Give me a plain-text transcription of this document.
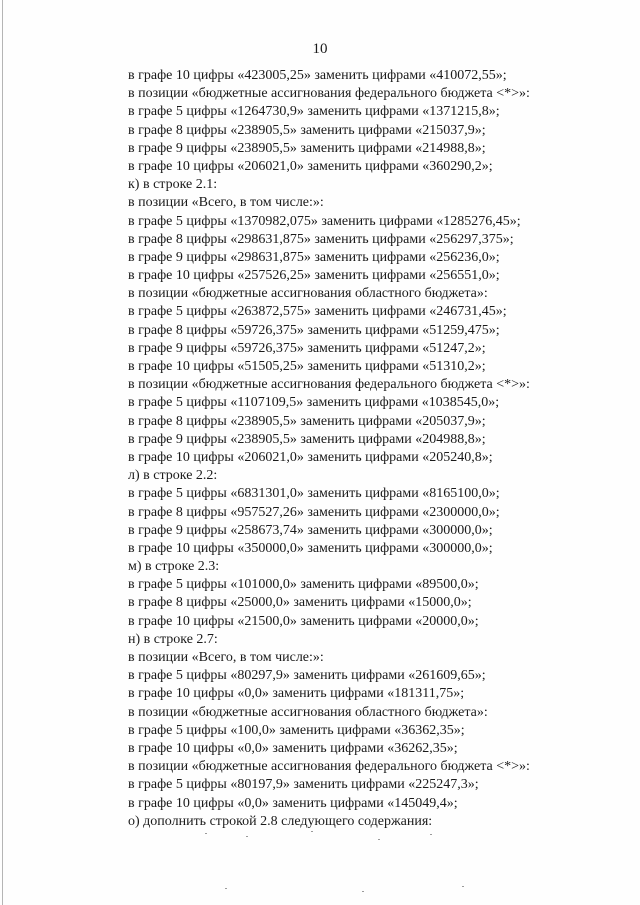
10
в графе 10 цифры «423005,25» заменить цифрами «410072,55»;
в позиции «бюджетные ассигнования федерального бюджета <*>»:
в графе 5 цифры «1264730,9» заменить цифрами «1371215,8»;
в графе 8 цифры «238905,5» заменить цифрами «215037,9»;
в графе 9 цифры «238905,5» заменить цифрами «214988,8»;
в графе 10 цифры «206021,0» заменить цифрами «360290,2»;
к) в строке 2.1:
в позиции «Всего, в том числе:»:
в графе 5 цифры «1370982,075» заменить цифрами «1285276,45»;
в графе 8 цифры «298631,875» заменить цифрами «256297,375»;
в графе 9 цифры «298631,875» заменить цифрами «256236,0»;
в графе 10 цифры «257526,25» заменить цифрами «256551,0»;
в позиции «бюджетные ассигнования областного бюджета»:
в графе 5 цифры «263872,575» заменить цифрами «246731,45»;
в графе 8 цифры «59726,375» заменить цифрами «51259,475»;
в графе 9 цифры «59726,375» заменить цифрами «51247,2»;
в графе 10 цифры «51505,25» заменить цифрами «51310,2»;
в позиции «бюджетные ассигнования федерального бюджета <*>»:
в графе 5 цифры «1107109,5» заменить цифрами «1038545,0»;
в графе 8 цифры «238905,5» заменить цифрами «205037,9»;
в графе 9 цифры «238905,5» заменить цифрами «204988,8»;
в графе 10 цифры «206021,0» заменить цифрами «205240,8»;
л) в строке 2.2:
в графе 5 цифры «6831301,0» заменить цифрами «8165100,0»;
в графе 8 цифры «957527,26» заменить цифрами «2300000,0»;
в графе 9 цифры «258673,74» заменить цифрами «300000,0»;
в графе 10 цифры «350000,0» заменить цифрами «300000,0»;
м) в строке 2.3:
в графе 5 цифры «101000,0» заменить цифрами «89500,0»;
в графе 8 цифры «25000,0» заменить цифрами «15000,0»;
в графе 10 цифры «21500,0» заменить цифрами «20000,0»;
н) в строке 2.7:
в позиции «Всего, в том числе:»:
в графе 5 цифры «80297,9» заменить цифрами «261609,65»;
в графе 10 цифры «0,0» заменить цифрами «181311,75»;
в позиции «бюджетные ассигнования областного бюджета»:
в графе 5 цифры «100,0» заменить цифрами «36362,35»;
в графе 10 цифры «0,0» заменить цифрами «36262,35»;
в позиции «бюджетные ассигнования федерального бюджета <*>»:
в графе 5 цифры «80197,9» заменить цифрами «225247,3»;
в графе 10 цифры «0,0» заменить цифрами «145049,4»;
о) дополнить строкой 2.8 следующего содержания:
